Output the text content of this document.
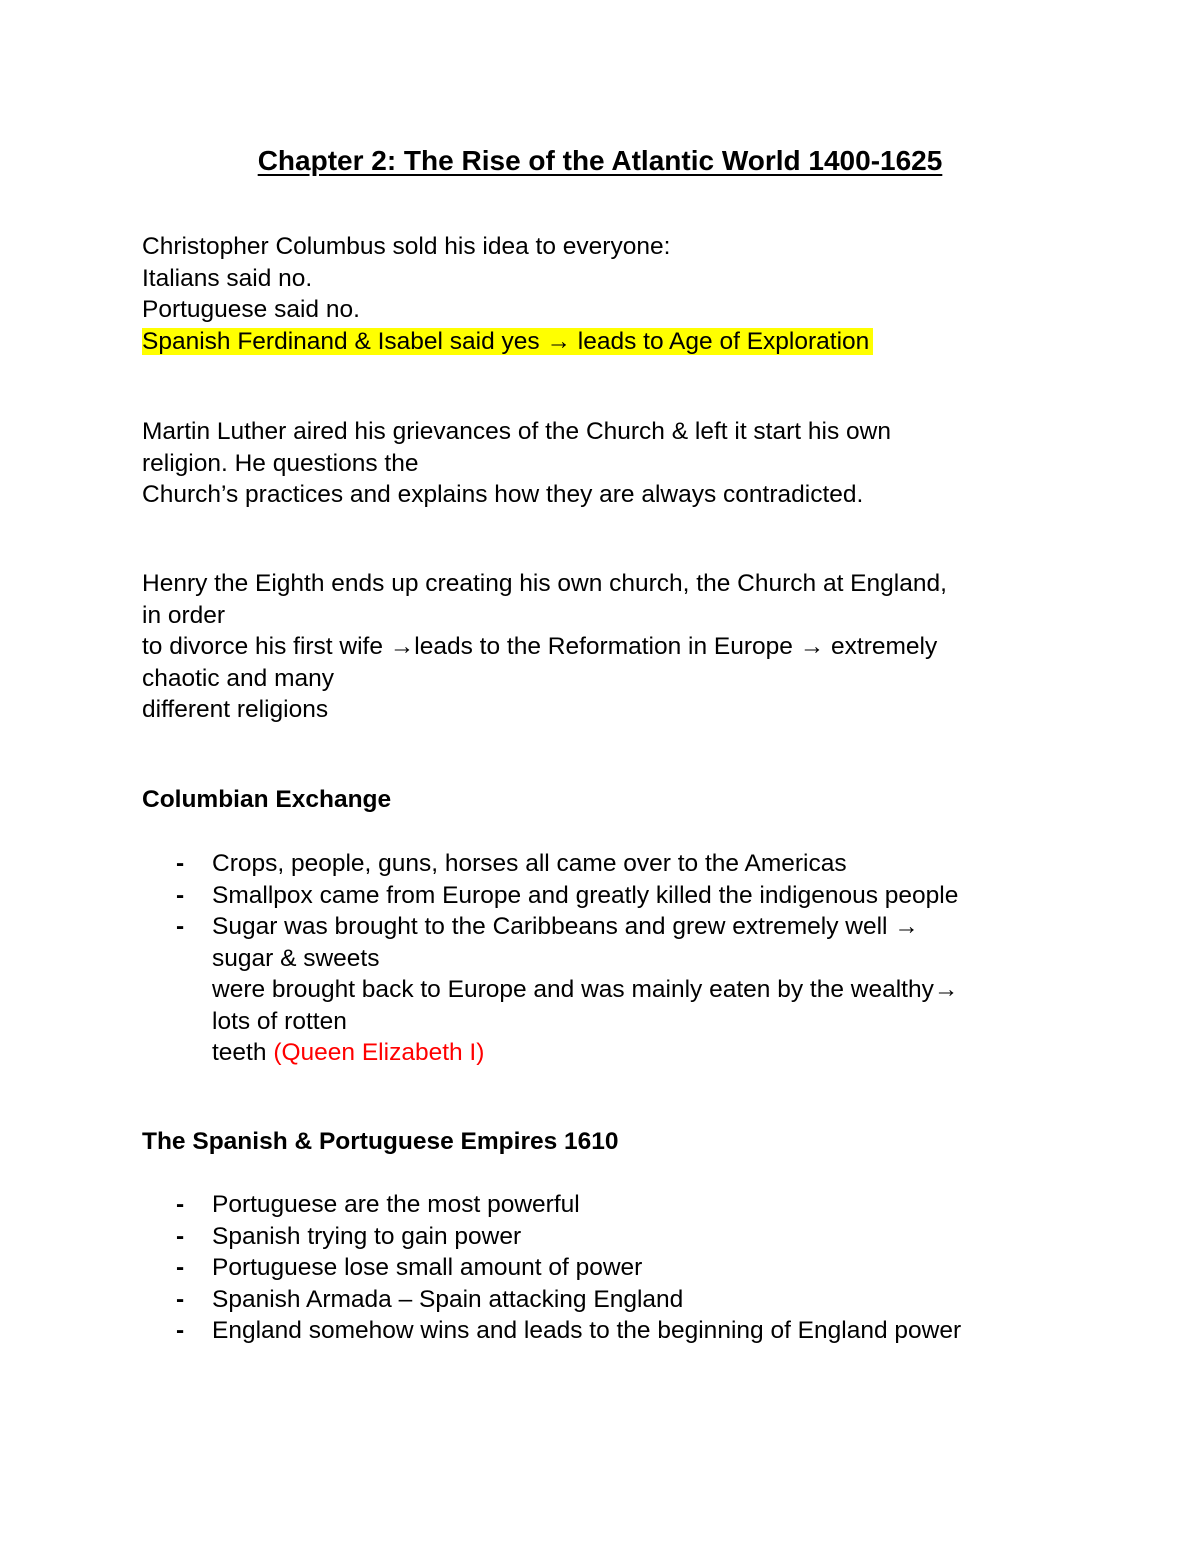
Chapter 2: The Rise of the Atlantic World 1400-1625
Christopher Columbus sold his idea to everyone:
Italians said no.
Portuguese said no.
Spanish Ferdinand & Isabel said yes → leads to Age of Exploration
Martin Luther aired his grievances of the Church & left it start his own
religion. He questions the
Church’s practices and explains how they are always contradicted.
Henry the Eighth ends up creating his own church, the Church at England,
in order
to divorce his first wife →leads to the Reformation in Europe → extremely
chaotic and many
different religions
Columbian Exchange
- Crops, people, guns, horses all came over to the Americas
- Smallpox came from Europe and greatly killed the indigenous people
- Sugar was brought to the Caribbeans and grew extremely well →
sugar & sweets
were brought back to Europe and was mainly eaten by the wealthy→
lots of rotten
teeth (Queen Elizabeth I)
The Spanish & Portuguese Empires 1610
- Portuguese are the most powerful
- Spanish trying to gain power
- Portuguese lose small amount of power
- Spanish Armada – Spain attacking England
- England somehow wins and leads to the beginning of England power
